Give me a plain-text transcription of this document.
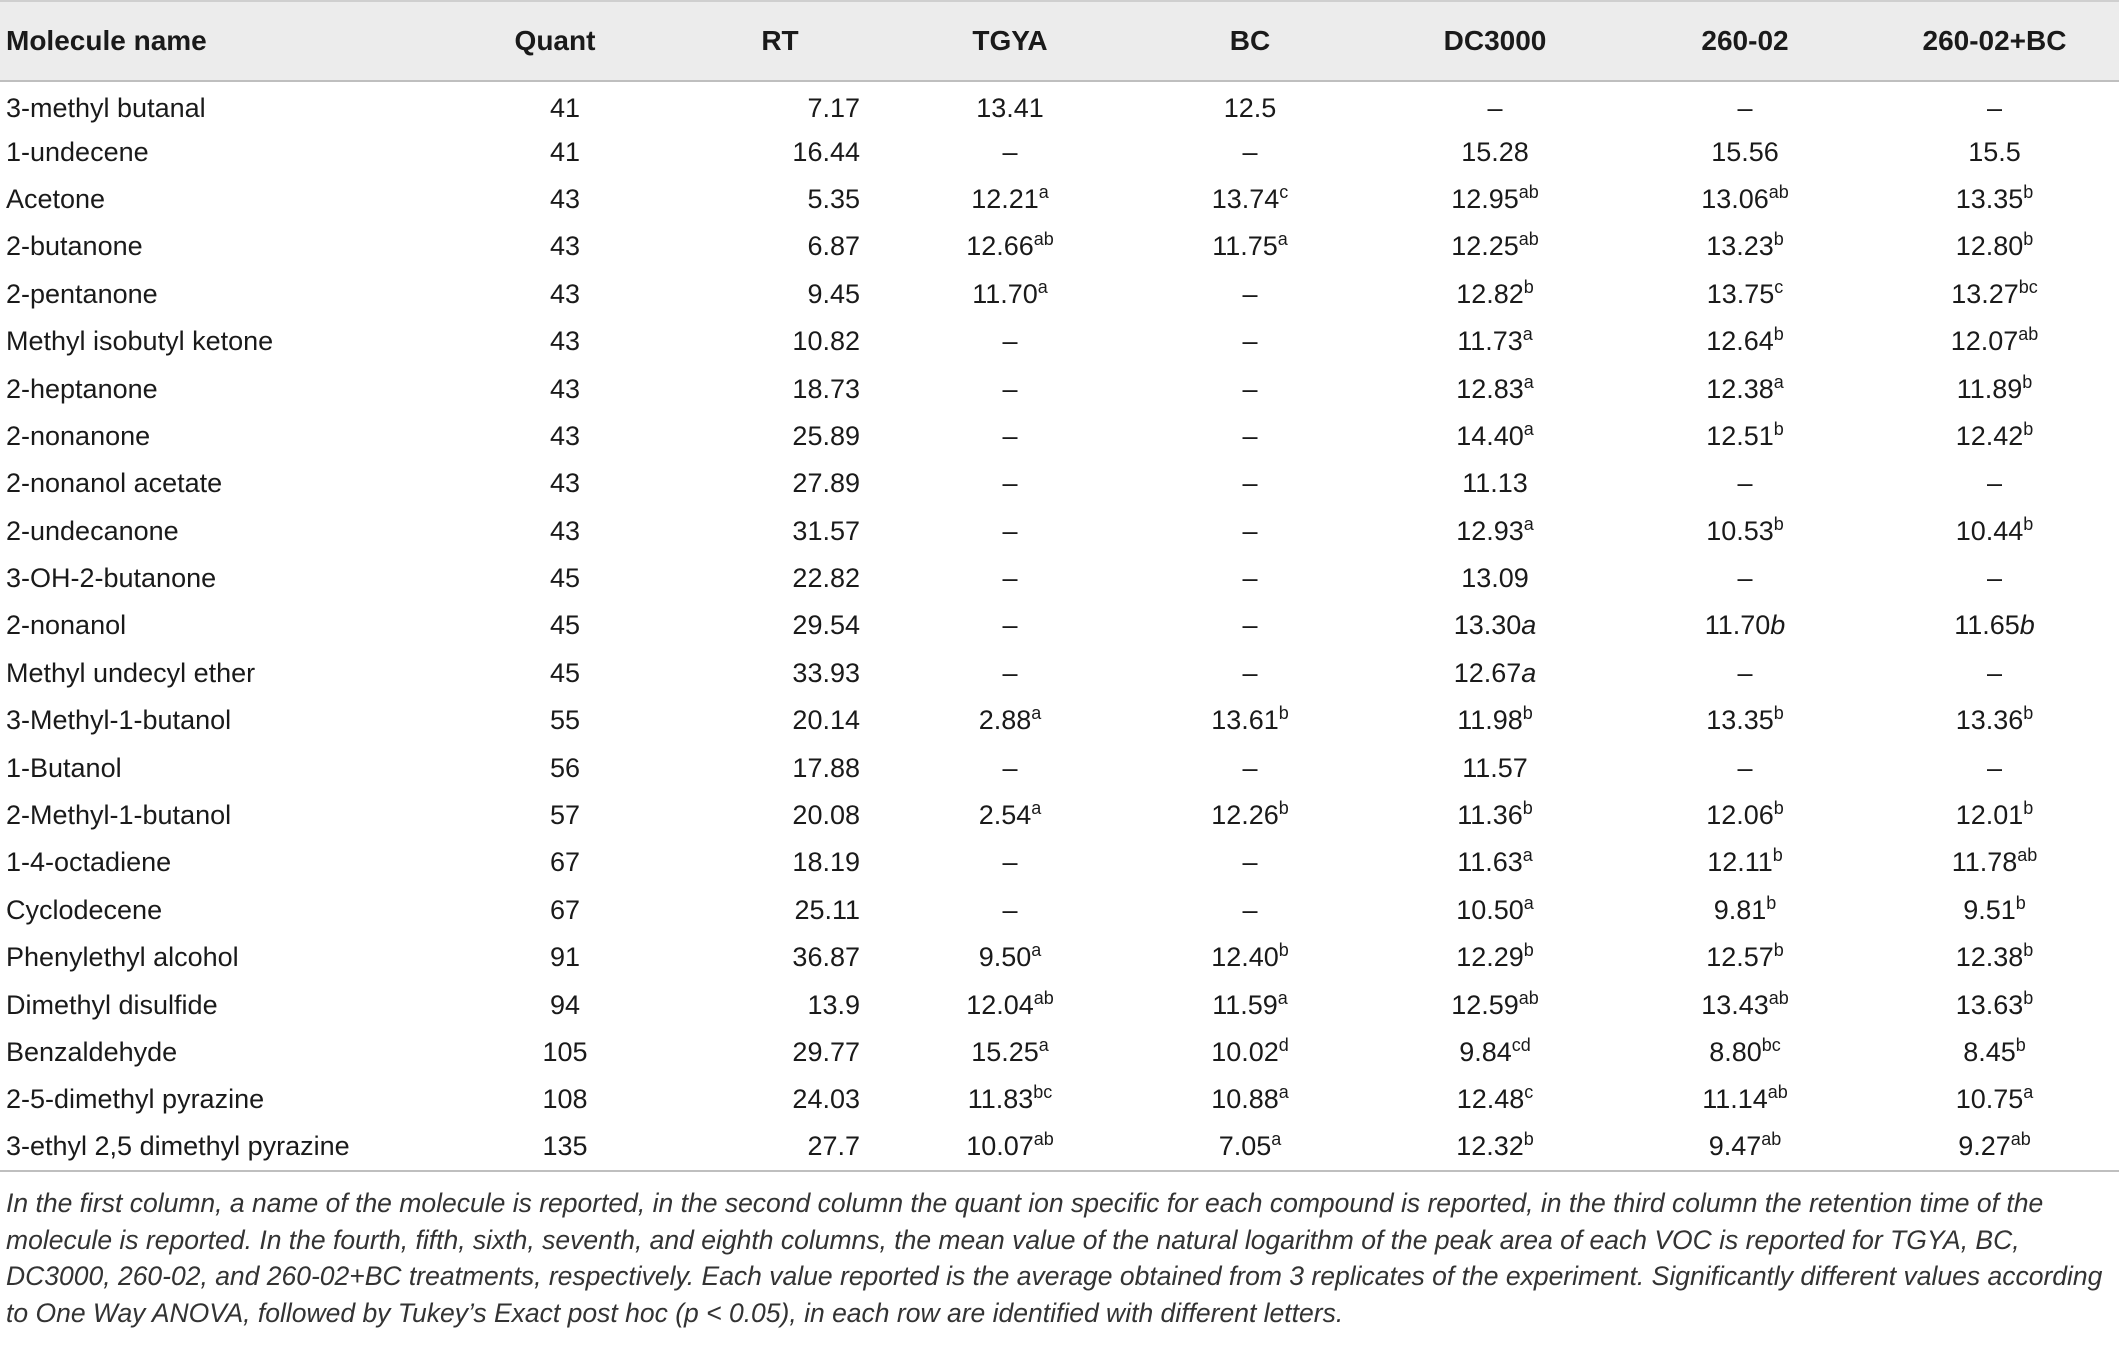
Molecule name	Quant	RT	TGYA	BC	DC3000	260-02	260-02+BC
3-methyl butanal	41	7.17	13.41	12.5	–	–	–
1-undecene	41	16.44	–	–	15.28	15.56	15.5
Acetone	43	5.35	12.21$^a$	13.74$^c$	12.95$^{ab}$	13.06$^{ab}$	13.35$^b$
2-butanone	43	6.87	12.66$^{ab}$	11.75$^a$	12.25$^{ab}$	13.23$^b$	12.80$^b$
2-pentanone	43	9.45	11.70$^a$	–	12.82$^b$	13.75$^c$	13.27$^{bc}$
Methyl isobutyl ketone	43	10.82	–	–	11.73$^a$	12.64$^b$	12.07$^{ab}$
2-heptanone	43	18.73	–	–	12.83$^a$	12.38$^a$	11.89$^b$
2-nonanone	43	25.89	–	–	14.40$^a$	12.51$^b$	12.42$^b$
2-nonanol acetate	43	27.89	–	–	11.13	–	–
2-undecanone	43	31.57	–	–	12.93$^a$	10.53$^b$	10.44$^b$
3-OH-2-butanone	45	22.82	–	–	13.09	–	–
2-nonanol	45	29.54	–	–	13.30a	11.70b	11.65b
Methyl undecyl ether	45	33.93	–	–	12.67a	–	–
3-Methyl-1-butanol	55	20.14	2.88$^a$	13.61$^b$	11.98$^b$	13.35$^b$	13.36$^b$
1-Butanol	56	17.88	–	–	11.57	–	–
2-Methyl-1-butanol	57	20.08	2.54$^a$	12.26$^b$	11.36$^b$	12.06$^b$	12.01$^b$
1-4-octadiene	67	18.19	–	–	11.63$^a$	12.11$^b$	11.78$^{ab}$
Cyclodecene	67	25.11	–	–	10.50$^a$	9.81$^b$	9.51$^b$
Phenylethyl alcohol	91	36.87	9.50$^a$	12.40$^b$	12.29$^b$	12.57$^b$	12.38$^b$
Dimethyl disulfide	94	13.9	12.04$^{ab}$	11.59$^a$	12.59$^{ab}$	13.43$^{ab}$	13.63$^b$
Benzaldehyde	105	29.77	15.25$^a$	10.02$^d$	9.84$^{cd}$	8.80$^{bc}$	8.45$^b$
2-5-dimethyl pyrazine	108	24.03	11.83$^{bc}$	10.88$^a$	12.48$^c$	11.14$^{ab}$	10.75$^a$
3-ethyl 2,5 dimethyl pyrazine	135	27.7	10.07$^{ab}$	7.05$^a$	12.32$^b$	9.47$^{ab}$	9.27$^{ab}$
In the first column, a name of the molecule is reported, in the second column the quant ion specific for each compound is reported, in the third column the retention time of the molecule is reported. In the fourth, fifth, sixth, seventh, and eighth columns, the mean value of the natural logarithm of the peak area of each VOC is reported for TGYA, BC, DC3000, 260-02, and 260-02+BC treatments, respectively. Each value reported is the average obtained from 3 replicates of the experiment. Significantly different values according to One Way ANOVA, followed by Tukey’s Exact post hoc (p < 0.05), in each row are identified with different letters.
